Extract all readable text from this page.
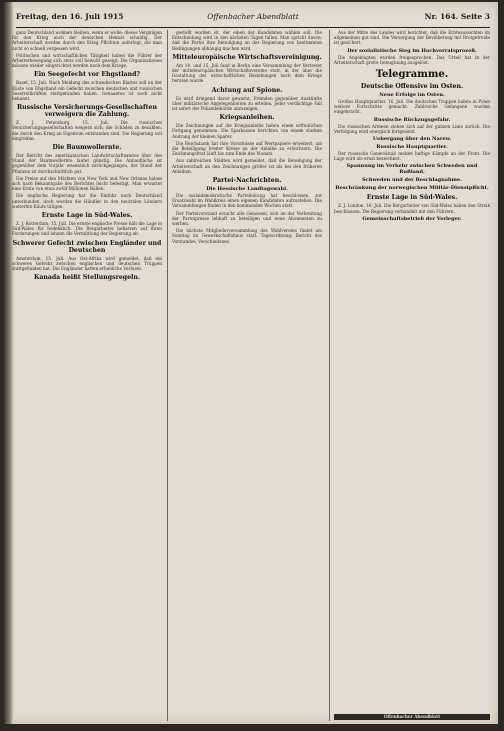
Freitag, den 16. Juli 1915	Offenbacher Abendblatt	Nr. 164. Seite 3

ganz Deutschland wohnen bleiben, wenn er wolle; dieses Vergnügen für den Krieg auch der deutschen Heimat schuldig. Der Arbeiterschaft werden durch den Krieg Pflichten auferlegt, die man nicht so schnell vergessen wird.

Politischen und wirtschaftlichen Tätigkeit haben die Führer der Arbeiterbewegung sich stets voll bewußt gezeigt. Die Organisationen müssen wieder eingerichtet werden nach dem Kriege.

Ein Seegefecht vor Ehgstland?

Basel, 15. Juli. Nach Meldung des schwedischen Blattes soll an der Küste von Ehgstland ein Gefecht zwischen deutschen und russischen Seestreitkräften stattgefunden haben. Genaueres ist noch nicht bekannt.

Russische Versicherungs-Gesellschaften verweigern die Zahlung.

Z. J. Petersburg, 15. Juli. Die russischen Versicherungsgesellschaften weigern sich, die Schäden zu bezahlen, die durch den Krieg an Eigentum entstanden sind. Die Regierung soll eingreifen.

Die Baumwollernte.

Der Bericht des amerikanischen Landwirtschaftsamtes über den Stand der Baumwollernte lautet günstig. Die Anbaufläche ist gegenüber dem Vorjahr wesentlich zurückgegangen, der Stand der Pflanzen ist durchschnittlich gut.

Die Preise auf den Märkten von New York und New Orleans haben sich nach Bekanntgabe des Berichtes leicht befestigt. Man erwartet eine Ernte von etwa zwölf Millionen Ballen.

Die englische Regierung hat die Einfuhr nach Deutschland unterbunden, doch werden die Händler in den neutralen Ländern weiterhin Käufe tätigen.

Ernste Lage in Süd-Wales.

Z. J. Rotterdam, 15. Juli. Die ernste englische Presse hält die Lage in Süd-Wales für bedenklich. Die Bergarbeiter beharren auf ihren Forderungen und lehnen die Vermittlung der Regierung ab.

Schwerer Gefecht zwischen Engländer und Deutschen

Amsterdam, 15. Juli. Aus Ost-Afrika wird gemeldet, daß ein schweres Gefecht zwischen englischen und deutschen Truppen stattgefunden hat. Die Engländer hatten erhebliche Verluste.

Kanada heißt Stellungsregeln.

gestellt worden ist, der einen der Kandidaten wählen soll. Die Entscheidung wird in den nächsten Tagen fallen. Man spricht davon, daß die Partei ihre Beteiligung an der Regierung von bestimmten Bedingungen abhängig machen wird.

Mitteleuropäische Wirtschaftsvereinigung.

Am 14. und 15. Juli fand in Berlin eine Versammlung der Vertreter der mitteleuropäischen Wirtschaftsvereine statt, in der über die Gestaltung der wirtschaftlichen Beziehungen nach dem Kriege beraten wurde.

Achtung auf Spione.

Es wird dringend davor gewarnt, Fremden gegenüber Auskünfte über militärische Angelegenheiten zu erteilen. Jeder verdächtige Fall ist sofort der Polizeibehörde anzuzeigen.

Kriegsanleihen.

Die Zeichnungen auf die Kriegsanleihe haben einen erfreulichen Fortgang genommen. Die Sparkassen berichten von einem starken Andrang der kleinen Sparer.

Die Reichsbank hat ihre Vorschüsse auf Wertpapiere erweitert, um die Beteiligung breiter Kreise an der Anleihe zu erleichtern. Die Zeichnungsfrist läuft bis zum Ende des Monats.

Aus zahlreichen Städten wird gemeldet, daß die Beteiligung der Arbeiterschaft an den Zeichnungen größer ist als bei den früheren Anleihen.

Partei-Nachrichten.
Die Hessische Landtagswahl.

Die sozialdemokratische Parteileitung hat beschlossen, zur Ersatzwahl im Wahlkreis einen eigenen Kandidaten aufzustellen. Die Versammlungen finden in den kommenden Wochen statt.

Der Parteivorstand ersucht alle Genossen, sich an der Verbreitung der Parteipresse lebhaft zu beteiligen und neue Abonnenten zu werben.

Die nächste Mitgliederversammlung des Wahlvereins findet am Sonntag im Gewerkschaftshaus statt. Tagesordnung: Bericht des Vorstandes, Verschiedenes.

Aus der Mitte des Landes wird berichtet, daß die Ernteaussichten im allgemeinen gut sind. Die Versorgung der Bevölkerung mit Brotgetreide ist gesichert.

Der sozialistische Sieg im Hochverratsprozeß.

Die Angeklagten wurden freigesprochen. Das Urteil hat in der Arbeiterschaft große Genugtuung ausgelöst.

Telegramme.
Deutsche Offensive im Osten.
Neue Erfolge im Osten.

Großes Hauptquartier, 16. Juli. Die deutschen Truppen haben in Polen weitere Fortschritte gemacht. Zahlreiche Gefangene wurden eingebracht.

Russische Rückzugsgefahr.

Die russischen Armeen ziehen sich auf der ganzen Linie zurück. Die Verfolgung wird energisch fortgesetzt.

Uebergang über den Narew.
Russische Hauptquartier.

Der russische Generalstab meldet heftige Kämpfe an der Front. Die Lage wird als ernst bezeichnet.

Spannung im Verkehr zwischen Schweden und Rußland.
Schweden und der Beschlagnahme.
Beschränkung der norwegischen Militär-Dienstpflicht.
Ernste Lage in Süd-Wales.

Z. J. London, 16. Juli. Die Bergarbeiter von Süd-Wales haben den Streik beschlossen. Die Regierung verhandelt mit den Führern.

Gemeinschaftsbetrieb der Verleger.
Offenbacher Abendblatt
